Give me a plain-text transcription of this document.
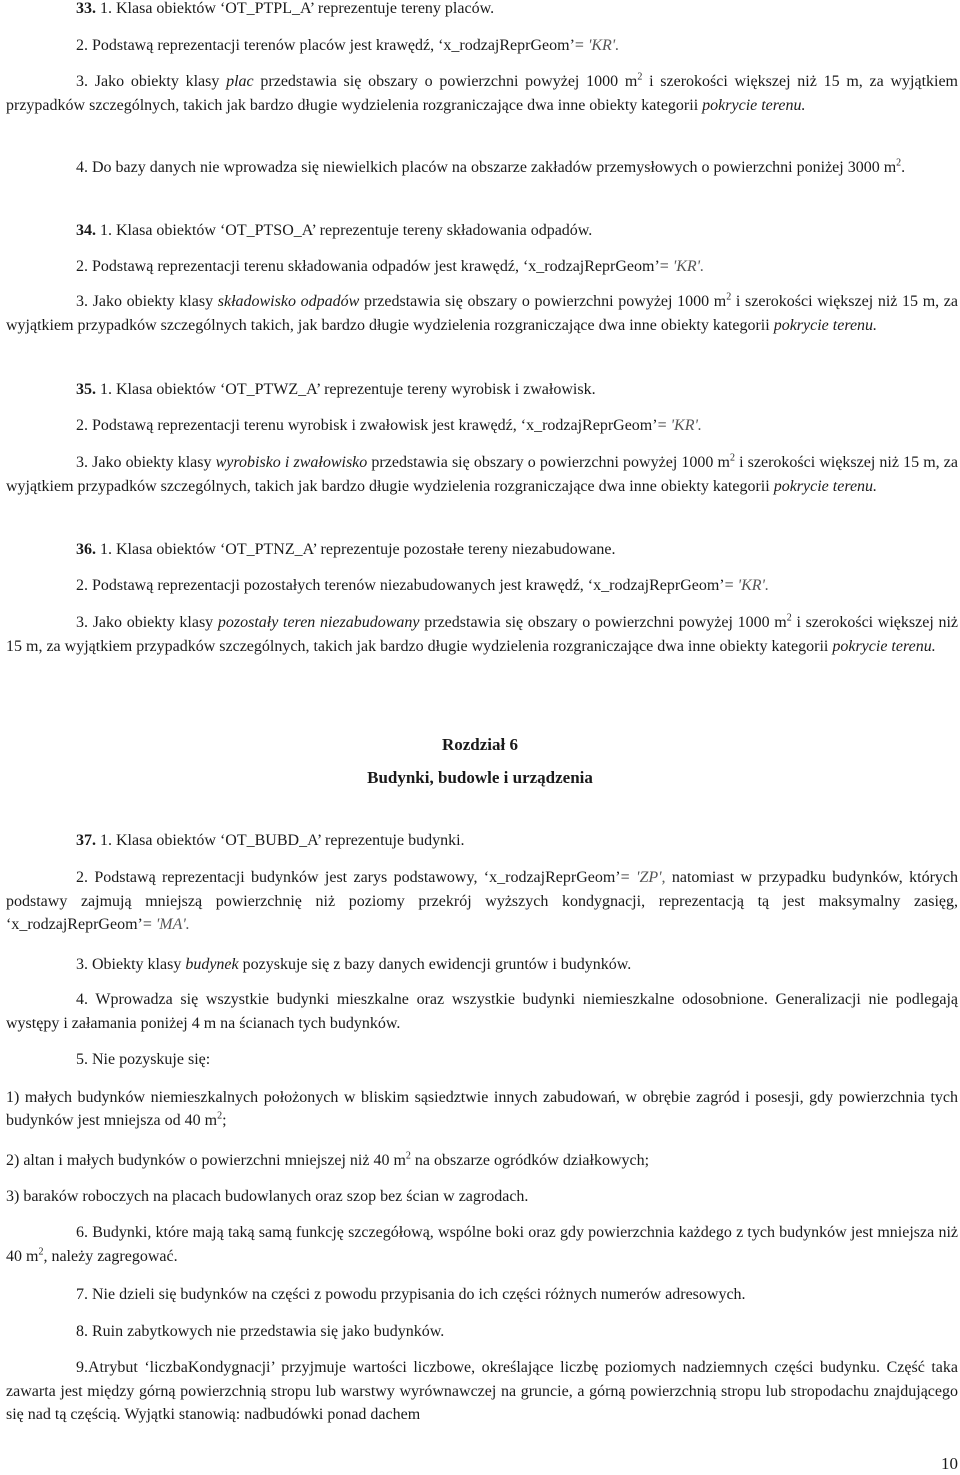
33. 1. Klasa obiektów ‘OT_PTPL_A’ reprezentuje tereny placów.

2. Podstawą reprezentacji terenów placów jest krawędź, ‘x_rodzajReprGeom’= 'KR'.

3. Jako obiekty klasy plac przedstawia się obszary o powierzchni powyżej 1000 $m^2$ i szerokości większej niż 15 m, za wyjątkiem przypadków szczególnych, takich jak bardzo długie wydzielenia rozgraniczające dwa inne obiekty kategorii pokrycie terenu.

4. Do bazy danych nie wprowadza się niewielkich placów na obszarze zakładów przemysłowych o powierzchni poniżej 3000 $m^2$.

34. 1. Klasa obiektów ‘OT_PTSO_A’ reprezentuje tereny składowania odpadów.

2. Podstawą reprezentacji terenu składowania odpadów jest krawędź, ‘x_rodzajReprGeom’= 'KR'.

3. Jako obiekty klasy składowisko odpadów przedstawia się obszary o powierzchni powyżej 1000 $m^2$ i szerokości większej niż 15 m, za wyjątkiem przypadków szczególnych takich, jak bardzo długie wydzielenia rozgraniczające dwa inne obiekty kategorii pokrycie terenu.

35. 1. Klasa obiektów ‘OT_PTWZ_A’ reprezentuje tereny wyrobisk i zwałowisk.

2. Podstawą reprezentacji terenu wyrobisk i zwałowisk jest krawędź, ‘x_rodzajReprGeom’= 'KR'.

3. Jako obiekty klasy wyrobisko i zwałowisko przedstawia się obszary o powierzchni powyżej 1000 $m^2$ i szerokości większej niż 15 m, za wyjątkiem przypadków szczególnych, takich jak bardzo długie wydzielenia rozgraniczające dwa inne obiekty kategorii pokrycie terenu.

36. 1. Klasa obiektów ‘OT_PTNZ_A’ reprezentuje pozostałe tereny niezabudowane.

2. Podstawą reprezentacji pozostałych terenów niezabudowanych jest krawędź, ‘x_rodzajReprGeom’= 'KR'.

3. Jako obiekty klasy pozostały teren niezabudowany przedstawia się obszary o powierzchni powyżej 1000 $m^2$ i szerokości większej niż 15 m, za wyjątkiem przypadków szczególnych, takich jak bardzo długie wydzielenia rozgraniczające dwa inne obiekty kategorii pokrycie terenu.

Rozdział 6
Budynki, budowle i urządzenia

37. 1. Klasa obiektów ‘OT_BUBD_A’ reprezentuje budynki.

2. Podstawą reprezentacji budynków jest zarys podstawowy, ‘x_rodzajReprGeom’= 'ZP', natomiast w przypadku budynków, których podstawy zajmują mniejszą powierzchnię niż poziomy przekrój wyższych kondygnacji, reprezentacją tą jest maksymalny zasięg, ‘x_rodzajReprGeom’= 'MA'.

3. Obiekty klasy budynek pozyskuje się z bazy danych ewidencji gruntów i budynków.

4. Wprowadza się wszystkie budynki mieszkalne oraz wszystkie budynki niemieszkalne odosobnione. Generalizacji nie podlegają występy i załamania poniżej 4 m na ścianach tych budynków.

5. Nie pozyskuje się:

1) małych budynków niemieszkalnych położonych w bliskim sąsiedztwie innych zabudowań, w obrębie zagród i posesji, gdy powierzchnia tych budynków jest mniejsza od 40 $m^2$;

2) altan i małych budynków o powierzchni mniejszej niż 40 $m^2$ na obszarze ogródków działkowych;

3) baraków roboczych na placach budowlanych oraz szop bez ścian w zagrodach.

6. Budynki, które mają taką samą funkcję szczegółową, wspólne boki oraz gdy powierzchnia każdego z tych budynków jest mniejsza niż 40 $m^2$, należy zagregować.

7. Nie dzieli się budynków na części z powodu przypisania do ich części różnych numerów adresowych.

8. Ruin zabytkowych nie przedstawia się jako budynków.

9.Atrybut ‘liczbaKondygnacji’ przyjmuje wartości liczbowe, określające liczbę poziomych nadziemnych części budynku. Część taka zawarta jest między górną powierzchnią stropu lub warstwy wyrównawczej na gruncie, a górną powierzchnią stropu lub stropodachu znajdującego się nad tą częścią. Wyjątki stanowią: nadbudówki ponad dachem

10
